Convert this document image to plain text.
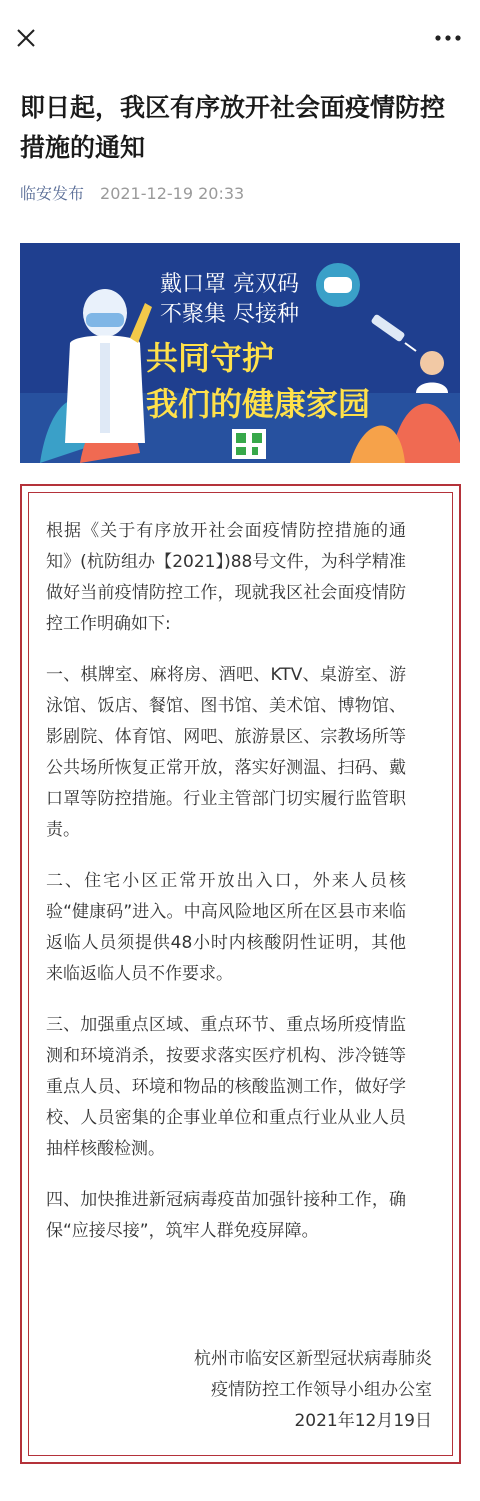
即日起，我区有序放开社会面疫情防控措施的通知
临安发布 2021-12-19 20:33
戴口罩 亮双码
不聚集 尽接种
共同守护
我们的健康家园

根据《关于有序放开社会面疫情防控措施的通知》(杭防组办【2021】)88号文件，为科学精准做好当前疫情防控工作，现就我区社会面疫情防控工作明确如下:

一、棋牌室、麻将房、酒吧、KTV、桌游室、游泳馆、饭店、餐馆、图书馆、美术馆、博物馆、影剧院、体育馆、网吧、旅游景区、宗教场所等公共场所恢复正常开放，落实好测温、扫码、戴口罩等防控措施。行业主管部门切实履行监管职责。

二、住宅小区正常开放出入口，外来人员核验“健康码”进入。中高风险地区所在区县市来临返临人员须提供48小时内核酸阴性证明，其他来临返临人员不作要求。

三、加强重点区域、重点环节、重点场所疫情监测和环境消杀，按要求落实医疗机构、涉冷链等重点人员、环境和物品的核酸监测工作，做好学校、人员密集的企事业单位和重点行业从业人员抽样核酸检测。

四、加快推进新冠病毒疫苗加强针接种工作，确保“应接尽接”，筑牢人群免疫屏障。

杭州市临安区新型冠状病毒肺炎
疫情防控工作领导小组办公室
2021年12月19日
